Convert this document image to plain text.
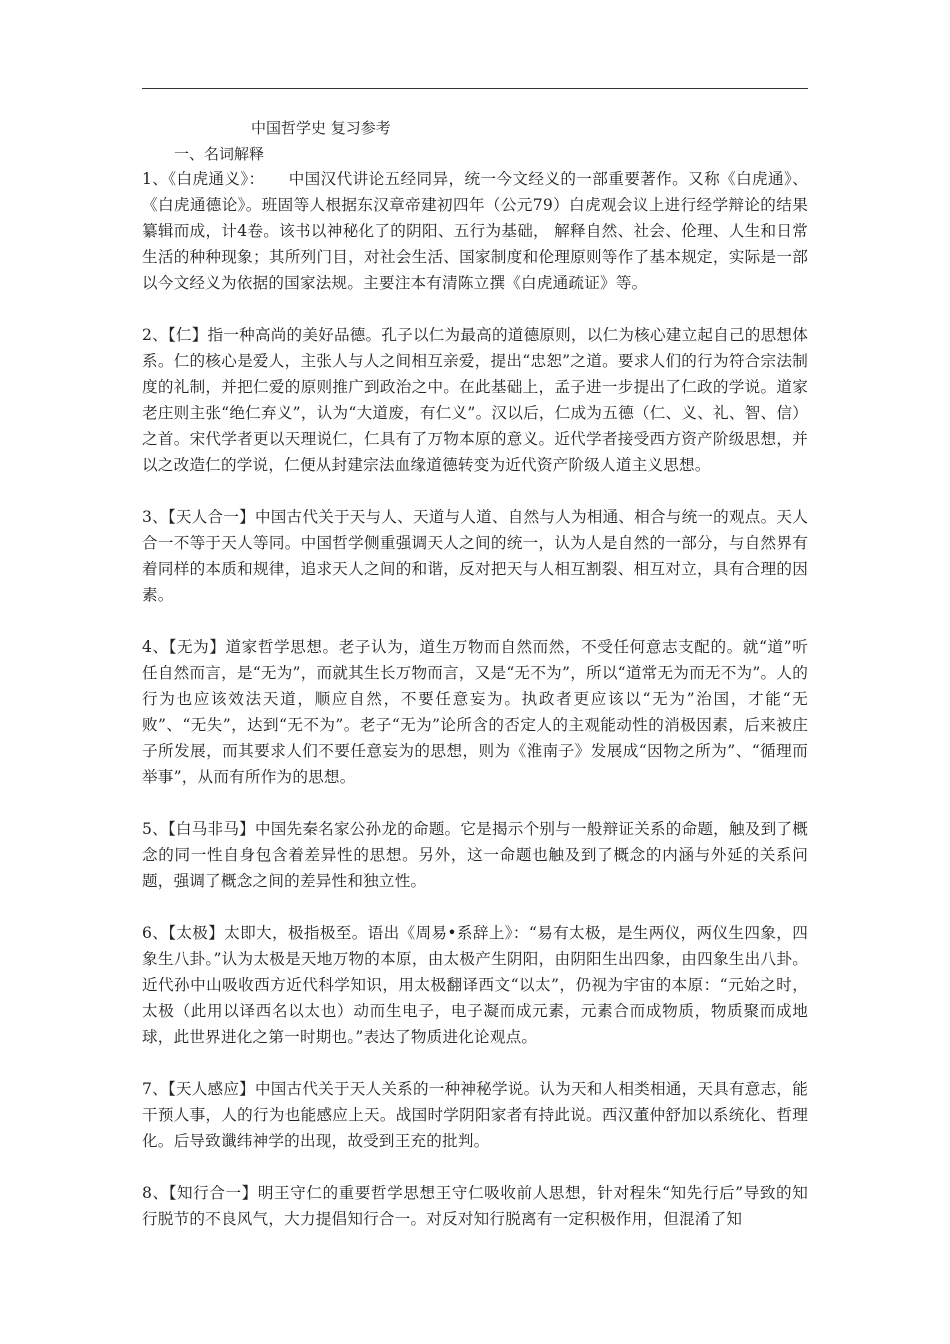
中国哲学史 复习参考
一、名词解释

1、《白虎通义》：　　中国汉代讲论五经同异，统一今文经义的一部重要著作。又称《白虎通》、《白虎通德论》。班固等人根据东汉章帝建初四年（公元79）白虎观会议上进行经学辩论的结果纂辑而成，计4卷。该书以神秘化了的阴阳、五行为基础， 解释自然、社会、伦理、人生和日常生活的种种现象；其所列门目，对社会生活、国家制度和伦理原则等作了基本规定，实际是一部以今文经义为依据的国家法规。主要注本有清陈立撰《白虎通疏证》等。

2、【仁】指一种高尚的美好品德。孔子以仁为最高的道德原则，以仁为核心建立起自己的思想体系。仁的核心是爱人，主张人与人之间相互亲爱，提出“忠恕”之道。要求人们的行为符合宗法制度的礼制，并把仁爱的原则推广到政治之中。在此基础上，孟子进一步提出了仁政的学说。道家老庄则主张“绝仁弃义”，认为“大道废，有仁义”。汉以后，仁成为五德（仁、义、礼、智、信）之首。宋代学者更以天理说仁，仁具有了万物本原的意义。近代学者接受西方资产阶级思想，并以之改造仁的学说，仁便从封建宗法血缘道德转变为近代资产阶级人道主义思想。

3、【天人合一】中国古代关于天与人、天道与人道、自然与人为相通、相合与统一的观点。天人合一不等于天人等同。中国哲学侧重强调天人之间的统一，认为人是自然的一部分，与自然界有着同样的本质和规律，追求天人之间的和谐，反对把天与人相互割裂、相互对立，具有合理的因素。

4、【无为】道家哲学思想。老子认为，道生万物而自然而然，不受任何意志支配的。就“道”听任自然而言，是“无为”，而就其生长万物而言，又是“无不为”，所以“道常无为而无不为”。人的行为也应该效法天道，顺应自然，不要任意妄为。执政者更应该以“无为”治国，才能“无败”、“无失”，达到“无不为”。老子“无为”论所含的否定人的主观能动性的消极因素，后来被庄子所发展，而其要求人们不要任意妄为的思想，则为《淮南子》发展成“因物之所为”、“循理而举事”，从而有所作为的思想。

5、【白马非马】中国先秦名家公孙龙的命题。它是揭示个别与一般辩证关系的命题，触及到了概念的同一性自身包含着差异性的思想。另外，这一命题也触及到了概念的内涵与外延的关系问题，强调了概念之间的差异性和独立性。

6、【太极】太即大，极指极至。语出《周易•系辞上》：“易有太极，是生两仪，两仪生四象，四象生八卦。”认为太极是天地万物的本原，由太极产生阴阳，由阴阳生出四象，由四象生出八卦。近代孙中山吸收西方近代科学知识，用太极翻译西文“以太”，仍视为宇宙的本原：“元始之时，太极（此用以译西名以太也）动而生电子，电子凝而成元素，元素合而成物质，物质聚而成地球，此世界进化之第一时期也。”表达了物质进化论观点。

7、【天人感应】中国古代关于天人关系的一种神秘学说。认为天和人相类相通，天具有意志，能干预人事，人的行为也能感应上天。战国时学阴阳家者有持此说。西汉董仲舒加以系统化、哲理化。后导致谶纬神学的出现，故受到王充的批判。

8、【知行合一】明王守仁的重要哲学思想王守仁吸收前人思想，针对程朱“知先行后”导致的知行脱节的不良风气，大力提倡知行合一。对反对知行脱离有一定积极作用，但混淆了知
